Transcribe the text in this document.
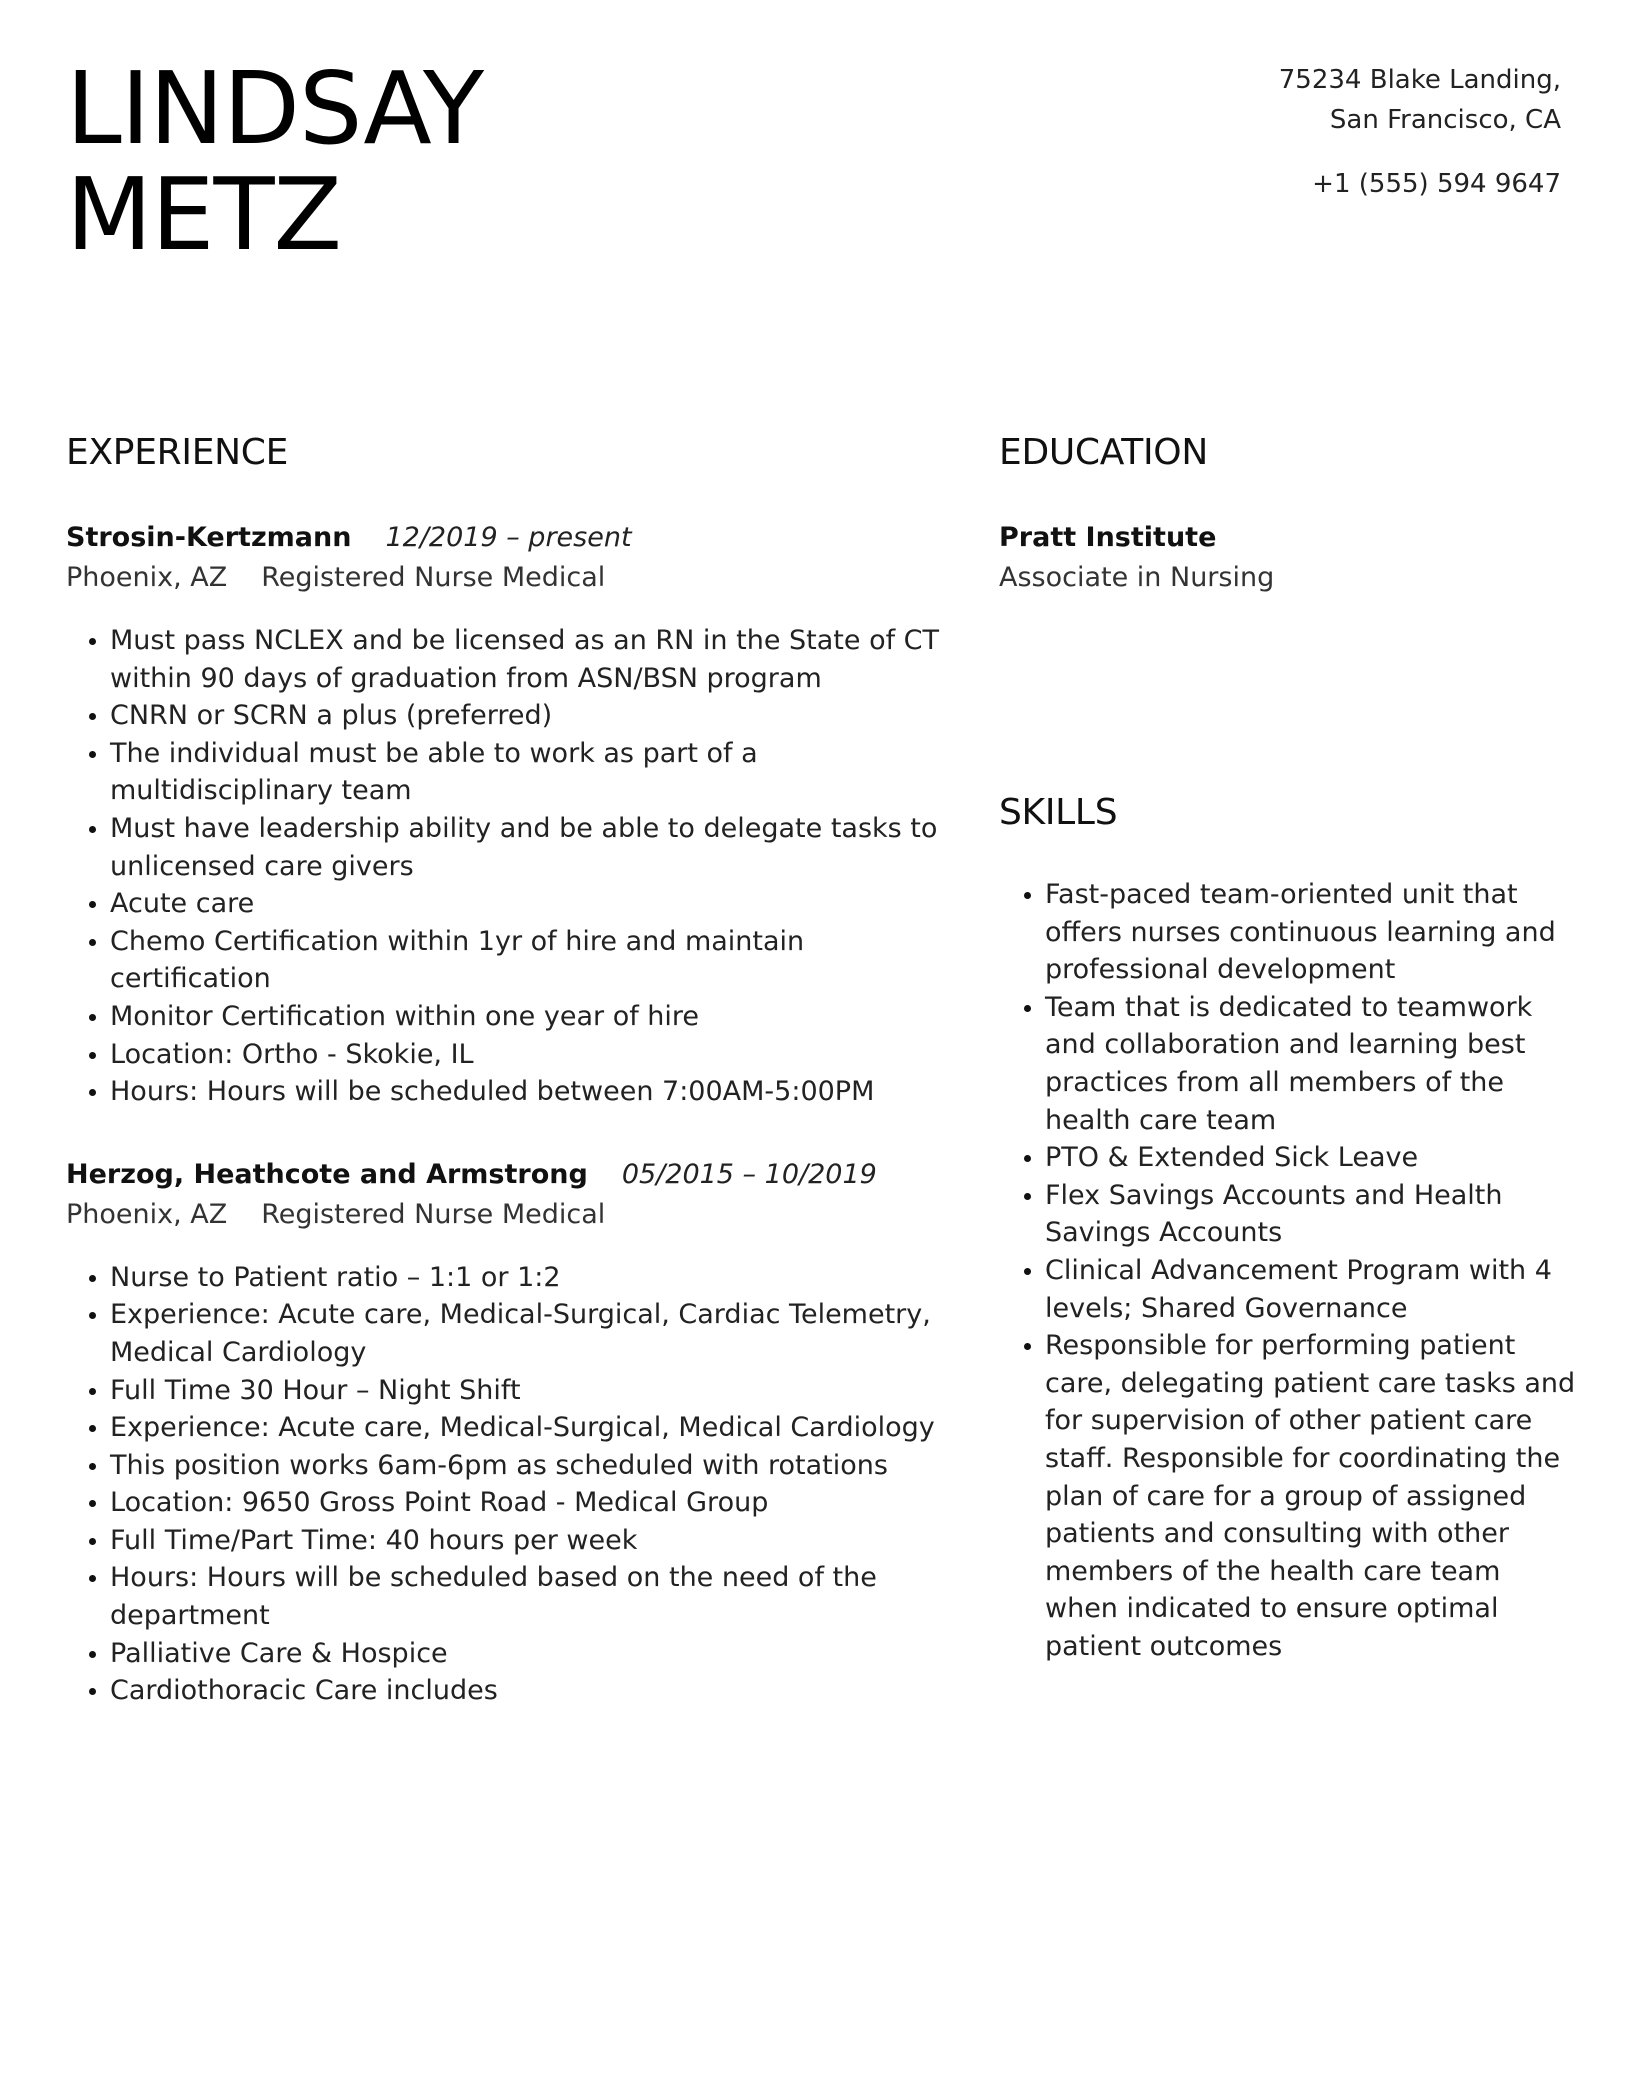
LINDSAY
METZ
75234 Blake Landing,
San Francisco, CA
+1 (555) 594 9647
EXPERIENCE
Strosin-Kertzmann 12/2019 – present
Phoenix, AZ Registered Nurse Medical
Must pass NCLEX and be licensed as an RN in the State of CT within 90 days of graduation from ASN/BSN program
CNRN or SCRN a plus (preferred)
The individual must be able to work as part of a multidisciplinary team
Must have leadership ability and be able to delegate tasks to unlicensed care givers
Acute care
Chemo Certification within 1yr of hire and maintain certification
Monitor Certification within one year of hire
Location: Ortho - Skokie, IL
Hours: Hours will be scheduled between 7:00AM-5:00PM
Herzog, Heathcote and Armstrong 05/2015 – 10/2019
Phoenix, AZ Registered Nurse Medical
Nurse to Patient ratio – 1:1 or 1:2
Experience: Acute care, Medical-Surgical, Cardiac Telemetry, Medical Cardiology
Full Time 30 Hour – Night Shift
Experience: Acute care, Medical-Surgical, Medical Cardiology
This position works 6am-6pm as scheduled with rotations
Location: 9650 Gross Point Road - Medical Group
Full Time/Part Time: 40 hours per week
Hours: Hours will be scheduled based on the need of the department
Palliative Care & Hospice
Cardiothoracic Care includes
EDUCATION
Pratt Institute
Associate in Nursing
SKILLS
Fast-paced team-oriented unit that offers nurses continuous learning and professional development
Team that is dedicated to teamwork and collaboration and learning best practices from all members of the health care team
PTO & Extended Sick Leave
Flex Savings Accounts and Health Savings Accounts
Clinical Advancement Program with 4 levels; Shared Governance
Responsible for performing patient care, delegating patient care tasks and for supervision of other patient care staff. Responsible for coordinating the plan of care for a group of assigned patients and consulting with other members of the health care team when indicated to ensure optimal patient outcomes
